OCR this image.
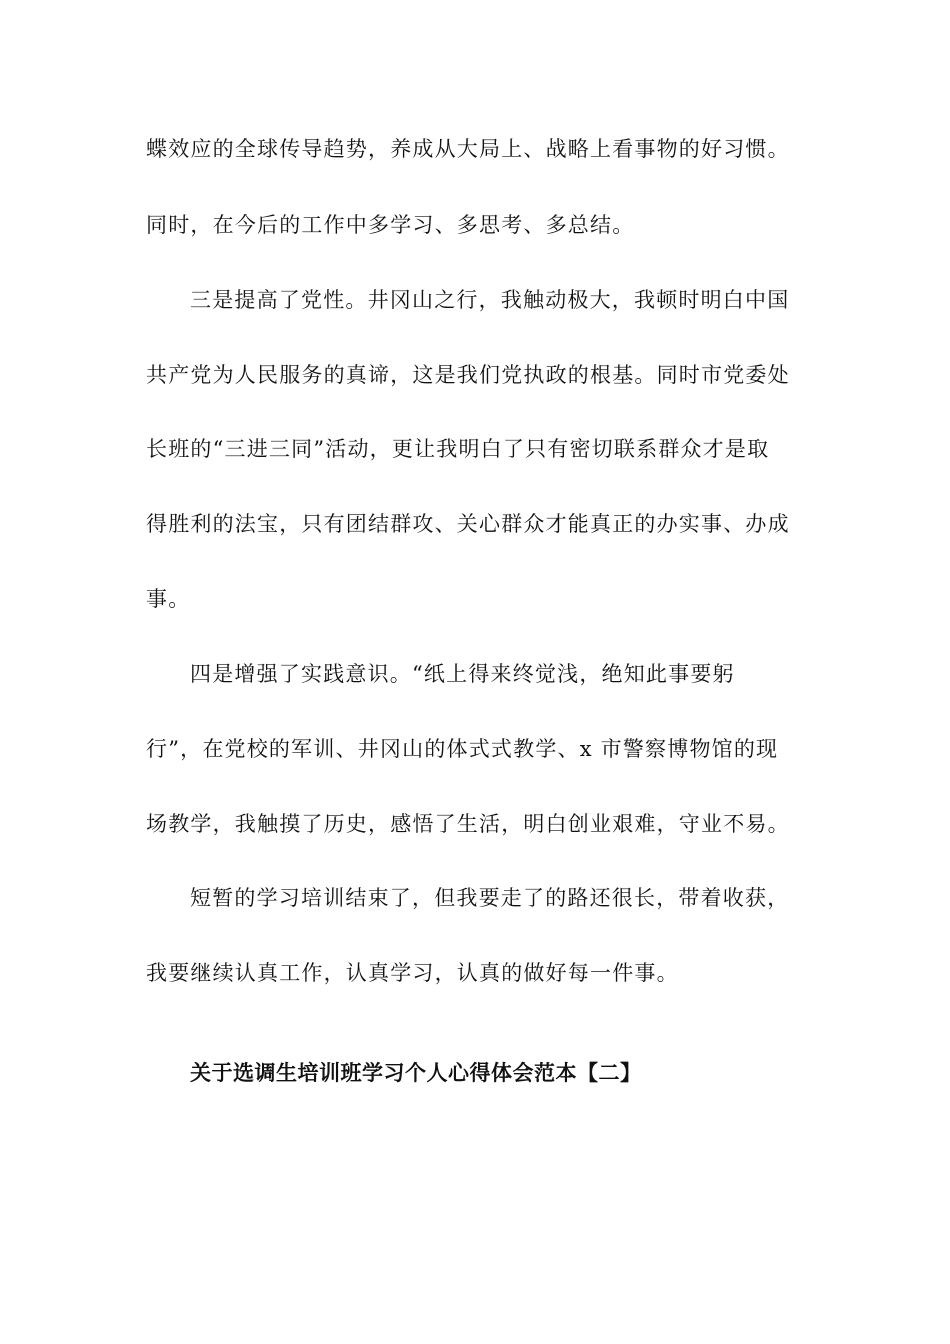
蝶效应的全球传导趋势，养成从大局上、战略上看事物的好习惯。
同时，在今后的工作中多学习、多思考、多总结。
三是提高了党性。井冈山之行，我触动极大，我顿时明白中国
共产党为人民服务的真谛，这是我们党执政的根基。同时市党委处
长班的“三进三同”活动，更让我明白了只有密切联系群众才是取
得胜利的法宝，只有团结群攻、关心群众才能真正的办实事、办成
事。
四是增强了实践意识。“纸上得来终觉浅，绝知此事要躬
行”，在党校的军训、井冈山的体式式教学、x 市警察博物馆的现
场教学，我触摸了历史，感悟了生活，明白创业艰难，守业不易。
短暂的学习培训结束了，但我要走了的路还很长，带着收获，
我要继续认真工作，认真学习，认真的做好每一件事。
关于选调生培训班学习个人心得体会范本【二】
